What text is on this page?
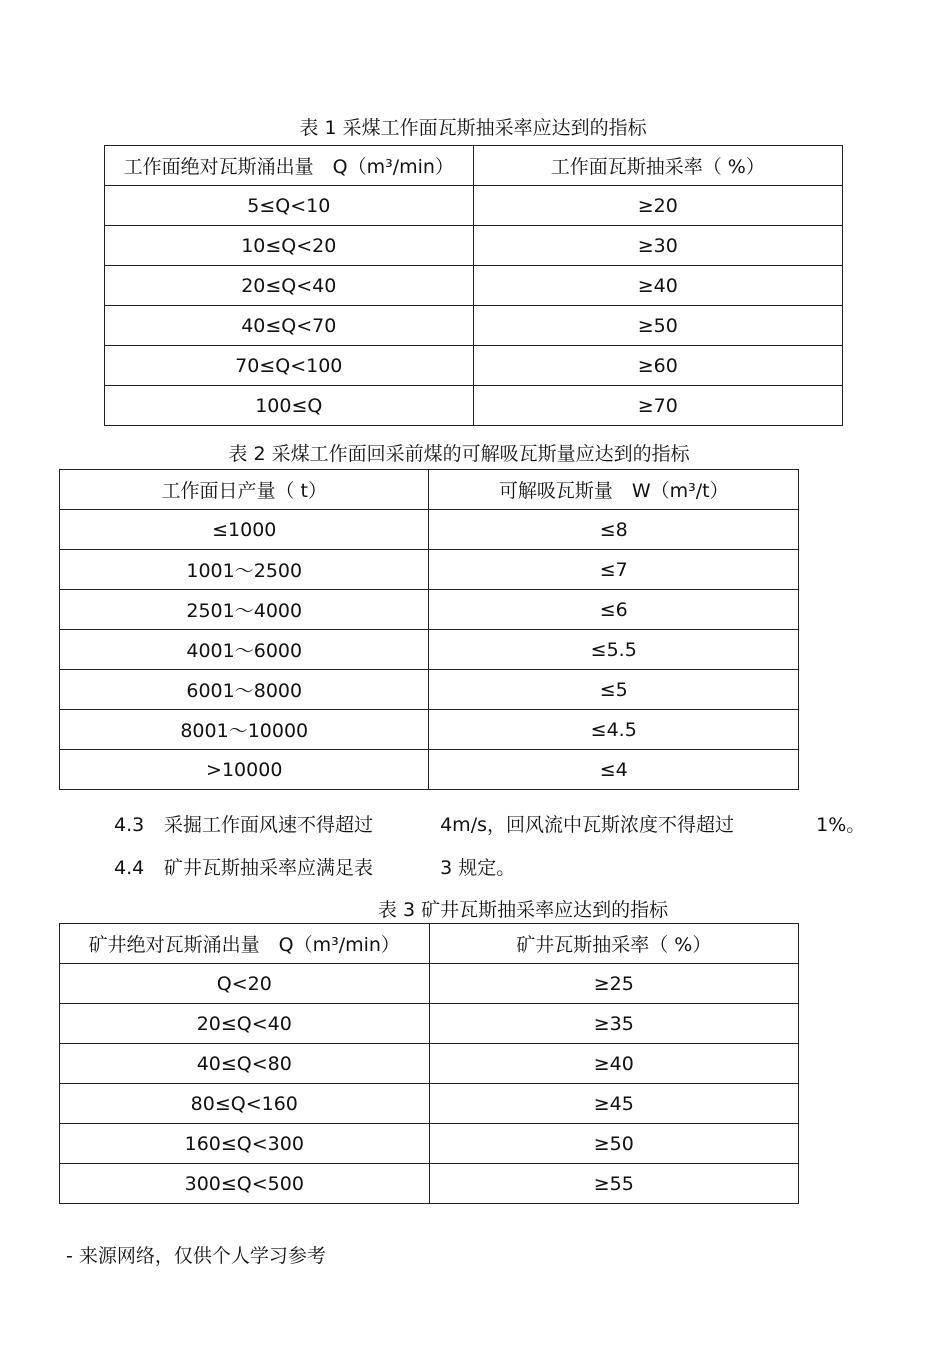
表 1 采煤工作面瓦斯抽采率应达到的指标
工作面绝对瓦斯涌出量　Q（m³/min）	工作面瓦斯抽采率（ %）
5≤Q<10	≥20
10≤Q<20	≥30
20≤Q<40	≥40
40≤Q<70	≥50
70≤Q<100	≥60
100≤Q	≥70
表 2 采煤工作面回采前煤的可解吸瓦斯量应达到的指标
工作面日产量（ t）	可解吸瓦斯量　W（m³/t）
≤1000	≤8
1001～2500	≤7
2501～4000	≤6
4001～6000	≤5.5
6001～8000	≤5
8001～10000	≤4.5
>10000	≤4
4.3 采掘工作面风速不得超过	4m/s，回风流中瓦斯浓度不得超过	1%。
4.4 矿井瓦斯抽采率应满足表	3 规定。
表 3 矿井瓦斯抽采率应达到的指标
矿井绝对瓦斯涌出量　Q（m³/min）	矿井瓦斯抽采率（ %）
Q<20	≥25
20≤Q<40	≥35
40≤Q<80	≥40
80≤Q<160	≥45
160≤Q<300	≥50
300≤Q<500	≥55
- 来源网络，仅供个人学习参考
